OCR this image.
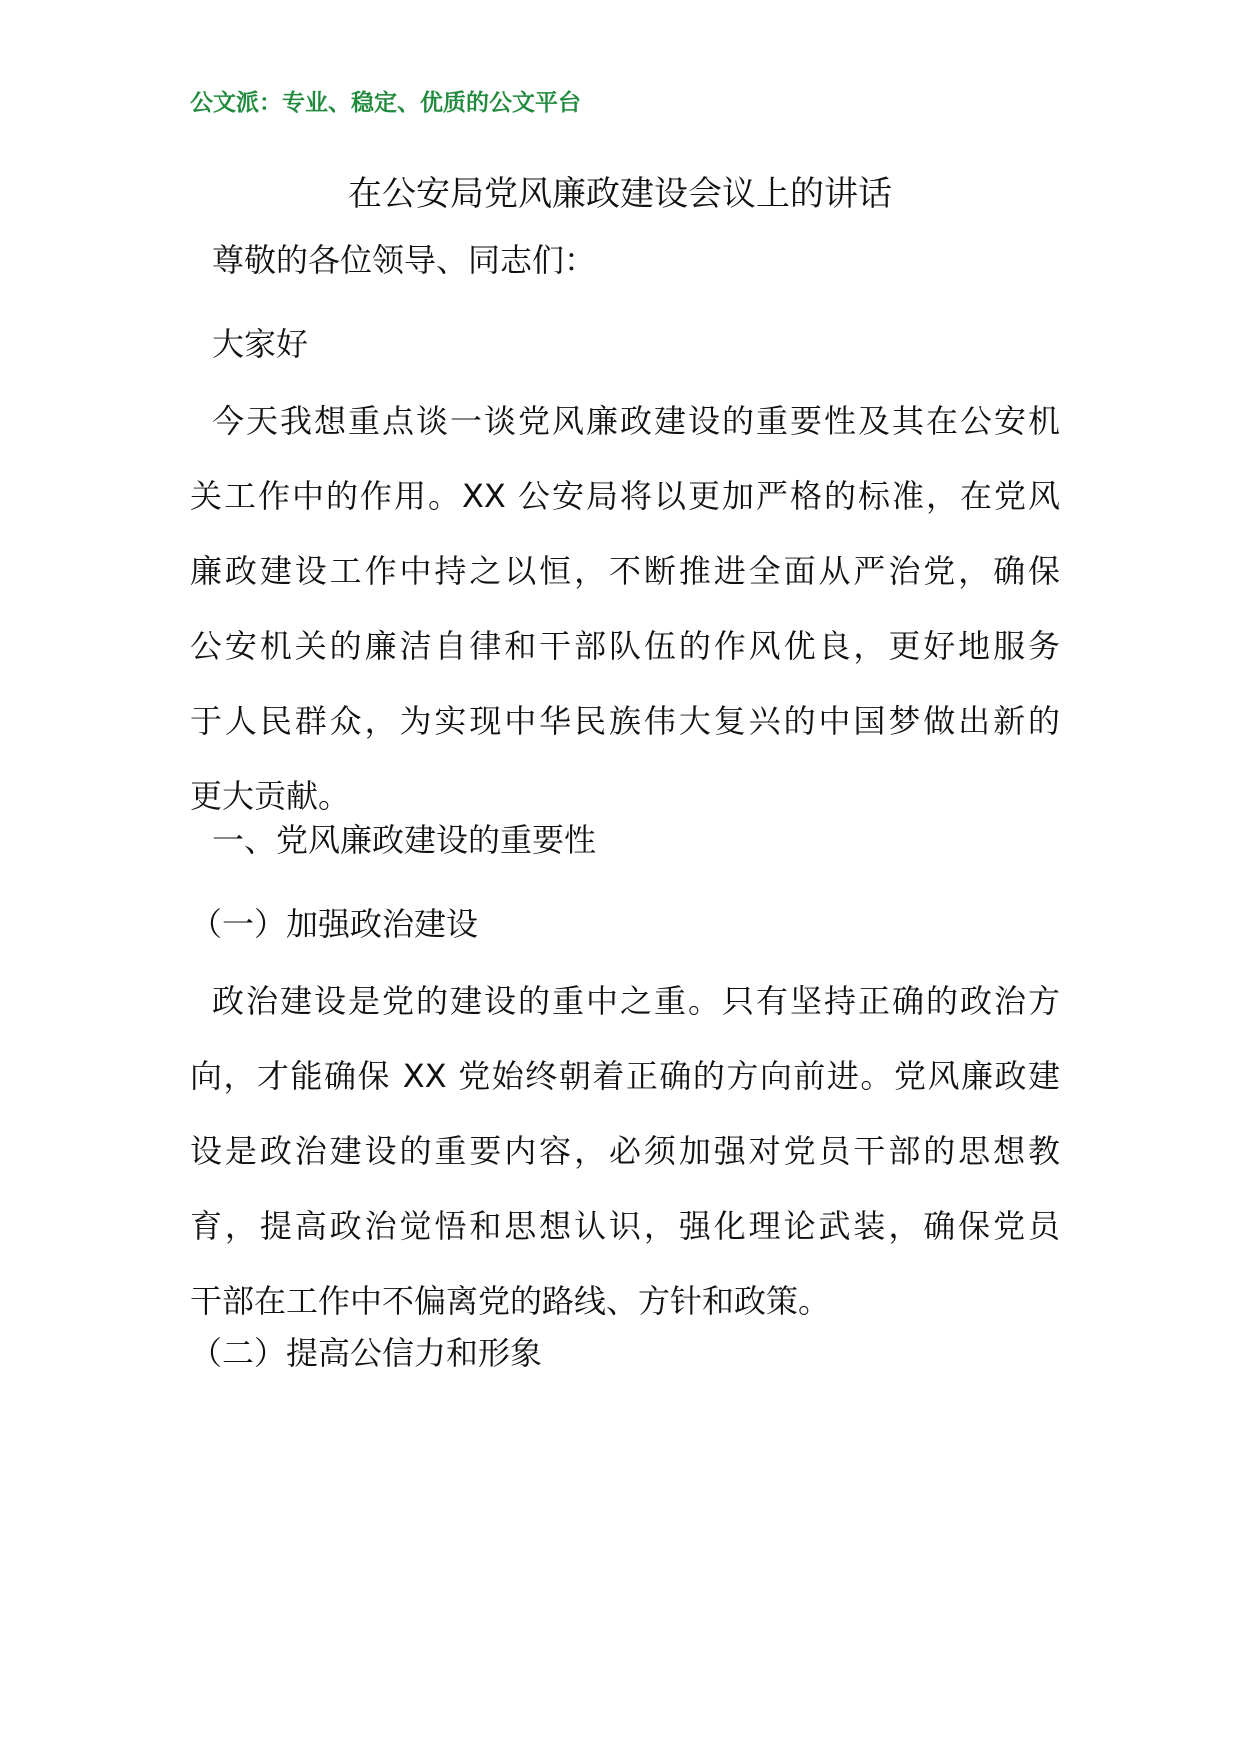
公文派：专业、稳定、优质的公文平台
在公安局党风廉政建设会议上的讲话
尊敬的各位领导、同志们：
大家好
今天我想重点谈一谈党风廉政建设的重要性及其在公安机
关工作中的作用。XX 公安局将以更加严格的标准，在党风
廉政建设工作中持之以恒，不断推进全面从严治党，确保
公安机关的廉洁自律和干部队伍的作风优良，更好地服务
于人民群众，为实现中华民族伟大复兴的中国梦做出新的
更大贡献。
一、党风廉政建设的重要性
（一）加强政治建设
政治建设是党的建设的重中之重。只有坚持正确的政治方
向，才能确保 XX 党始终朝着正确的方向前进。党风廉政建
设是政治建设的重要内容，必须加强对党员干部的思想教
育，提高政治觉悟和思想认识，强化理论武装，确保党员
干部在工作中不偏离党的路线、方针和政策。
（二）提高公信力和形象
